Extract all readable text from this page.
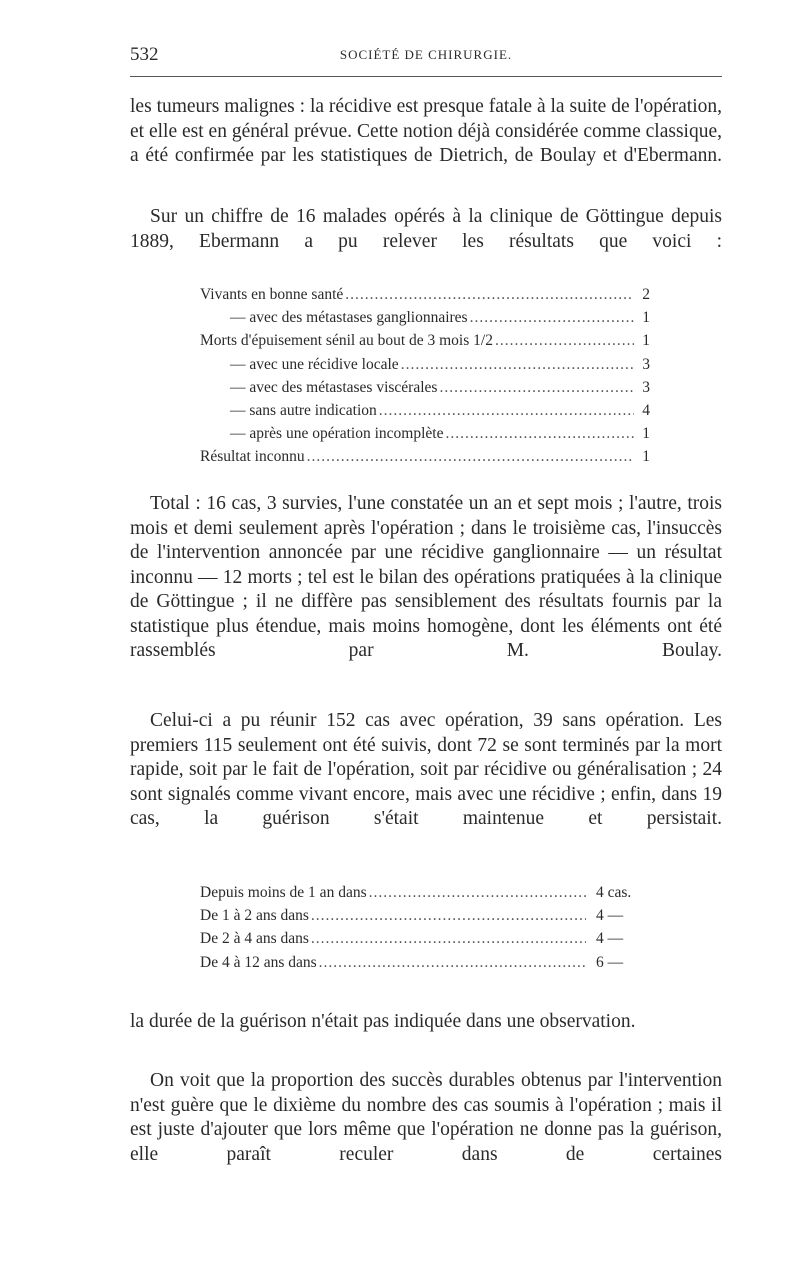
532	SOCIÉTÉ DE CHIRURGIE.

les tumeurs malignes : la récidive est presque fatale à la suite de l'opération, et elle est en général prévue. Cette notion déjà considérée comme classique, a été confirmée par les statistiques de Dietrich, de Boulay et d'Ebermann.

Sur un chiffre de 16 malades opérés à la clinique de Göttingue depuis 1889, Ebermann a pu relever les résultats que voici :

Vivants en bonne santé .....	2
— avec des métastases ganglionnaires .....	1
Morts d'épuisement sénil au bout de 3 mois 1/2 .....	1
— avec une récidive locale .....	3
— avec des métastases viscérales .....	3
— sans autre indication .....	4
— après une opération incomplète .....	1
Résultat inconnu .....	1

Total : 16 cas, 3 survies, l'une constatée un an et sept mois ; l'autre, trois mois et demi seulement après l'opération ; dans le troisième cas, l'insuccès de l'intervention annoncée par une récidive ganglionnaire — un résultat inconnu — 12 morts ; tel est le bilan des opérations pratiquées à la clinique de Göttingue ; il ne diffère pas sensiblement des résultats fournis par la statistique plus étendue, mais moins homogène, dont les éléments ont été rassemblés par M. Boulay.

Celui-ci a pu réunir 152 cas avec opération, 39 sans opération. Les premiers 115 seulement ont été suivis, dont 72 se sont terminés par la mort rapide, soit par le fait de l'opération, soit par récidive ou généralisation ; 24 sont signalés comme vivant encore, mais avec une récidive ; enfin, dans 19 cas, la guérison s'était maintenue et persistait.

Depuis moins de 1 an dans .....	4 cas.
De 1 à 2 ans dans .....	4 —
De 2 à 4 ans dans .....	4 —
De 4 à 12 ans dans .....	6 —

la durée de la guérison n'était pas indiquée dans une observation.

On voit que la proportion des succès durables obtenus par l'intervention n'est guère que le dixième du nombre des cas soumis à l'opération ; mais il est juste d'ajouter que lors même que l'opération ne donne pas la guérison, elle paraît reculer dans de certaines
